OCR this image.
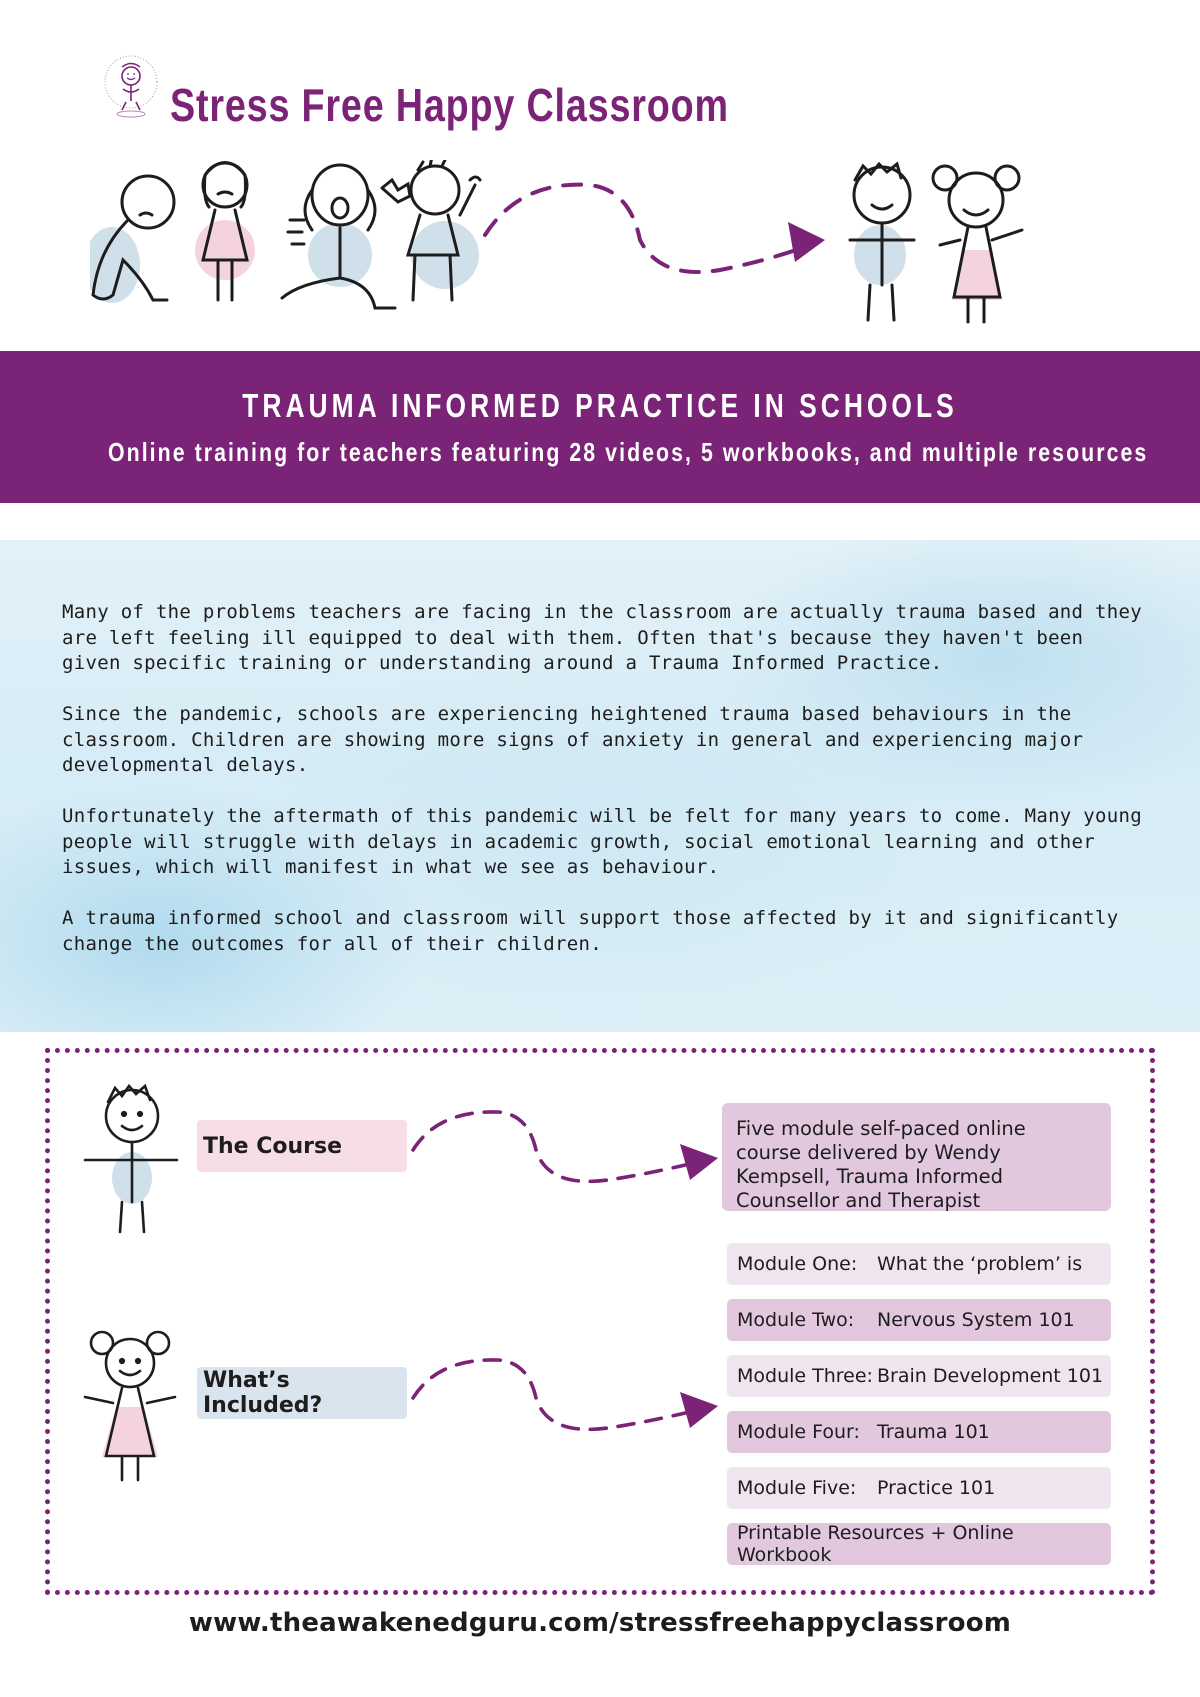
Stress Free Happy Classroom
TRAUMA INFORMED PRACTICE IN SCHOOLS
Online training for teachers featuring 28 videos, 5 workbooks, and multiple resources

Many of the problems teachers are facing in the classroom are actually trauma based and they are left feeling ill equipped to deal with them. Often that's because they haven't been given specific training or understanding around a Trauma Informed Practice.

Since the pandemic, schools are experiencing heightened trauma based behaviours in the classroom. Children are showing more signs of anxiety in general and experiencing major developmental delays.

Unfortunately the aftermath of this pandemic will be felt for many years to come. Many young people will struggle with delays in academic growth, social emotional learning and other issues, which will manifest in what we see as behaviour.

A trauma informed school and classroom will support those affected by it and significantly change the outcomes for all of their children.

The Course
Five module self-paced online course delivered by Wendy Kempsell, Trauma Informed Counsellor and Therapist
What’s Included?
Module One:	What the ‘problem’ is
Module Two:	Nervous System 101
Module Three: Brain Development 101
Module Four: Trauma 101
Module Five:	Practice 101
Printable Resources + Online Workbook
www.theawakenedguru.com/stressfreehappyclassroom
